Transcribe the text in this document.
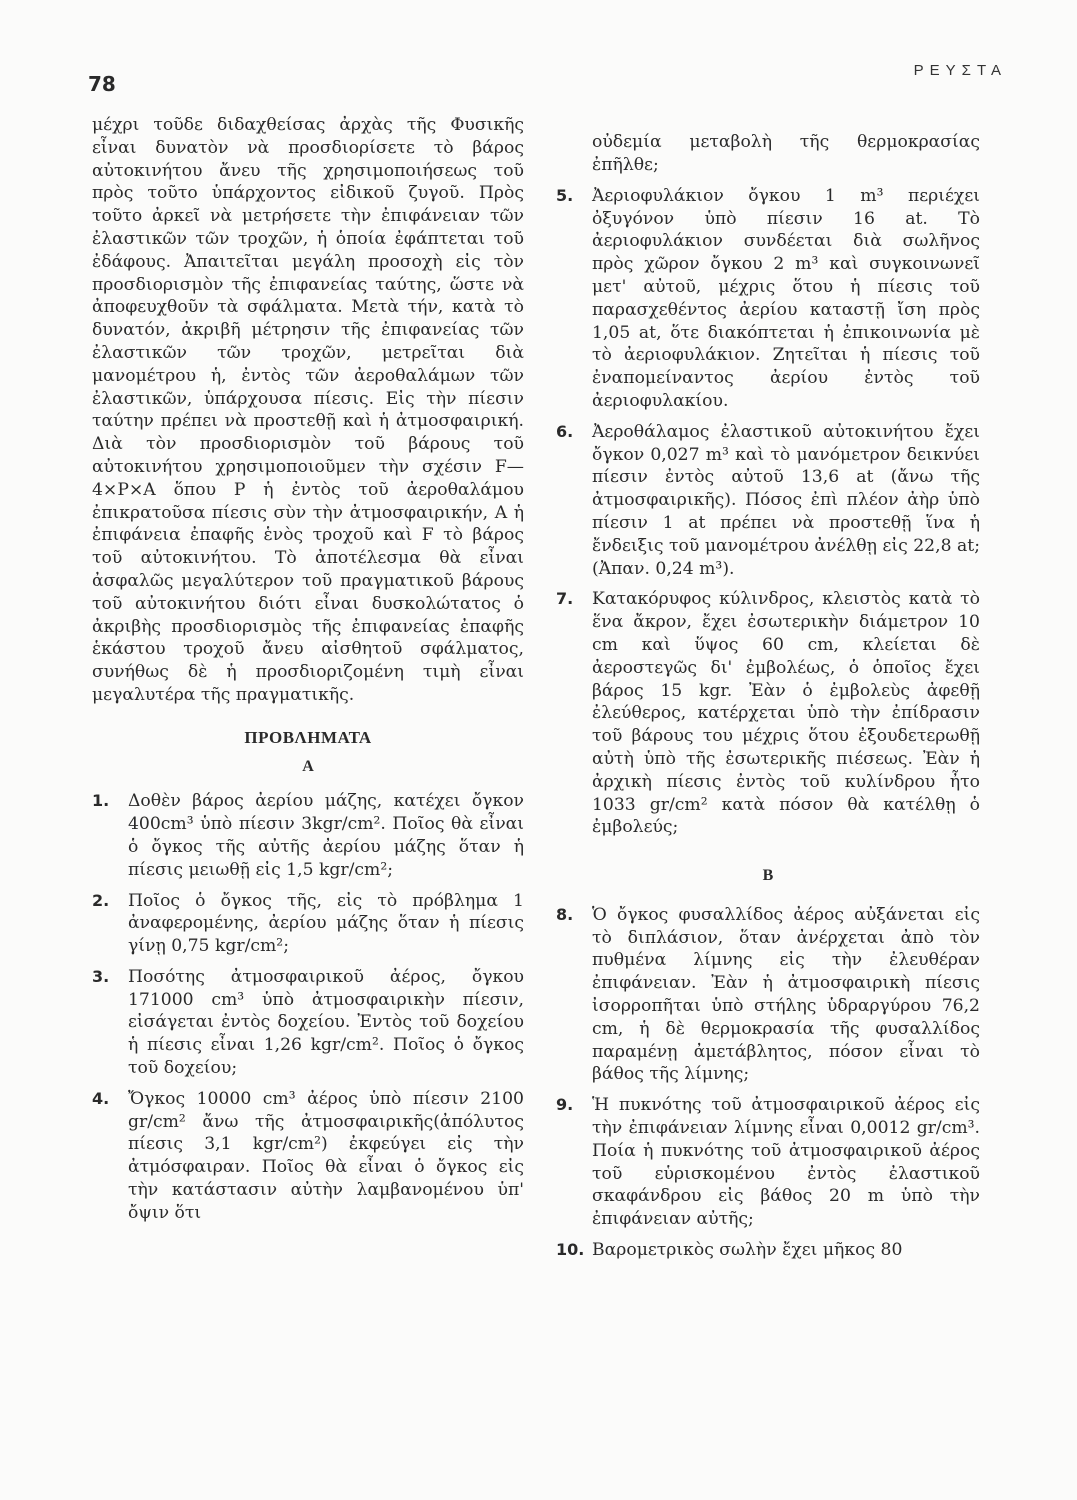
78
ΡΕΥΣΤΑ

μέχρι τοῦδε διδαχθείσας ἀρχὰς τῆς Φυσικῆς εἶναι δυνατὸν νὰ προσδιορίσετε τὸ βάρος αὐτοκινήτου ἄνευ τῆς χρησιμοποιήσεως τοῦ πρὸς τοῦτο ὑπάρχοντος εἰδικοῦ ζυγοῦ. Πρὸς τοῦτο ἀρκεῖ νὰ μετρήσετε τὴν ἐπιφάνειαν τῶν ἐλαστικῶν τῶν τροχῶν, ἡ ὁποία ἐφάπτεται τοῦ ἐδάφους. Ἀπαιτεῖται μεγάλη προσοχὴ εἰς τὸν προσδιορισμὸν τῆς ἐπιφανείας ταύτης, ὥστε νὰ ἀποφευχθοῦν τὰ σφάλματα. Μετὰ τήν, κατὰ τὸ δυνατόν, ἀκριβῆ μέτρησιν τῆς ἐπιφανείας τῶν ἐλαστικῶν τῶν τροχῶν, μετρεῖται διὰ μανομέτρου ἡ, ἐντὸς τῶν ἀεροθαλάμων τῶν ἐλαστικῶν, ὑπάρχουσα πίεσις. Εἰς τὴν πίεσιν ταύτην πρέπει νὰ προστεθῇ καὶ ἡ ἀτμοσφαιρική. Διὰ τὸν προσδιορισμὸν τοῦ βάρους τοῦ αὐτοκινήτου χρησιμοποιοῦμεν τὴν σχέσιν F—4×P×A ὅπου P ἡ ἐντὸς τοῦ ἀεροθαλάμου ἐπικρατοῦσα πίεσις σὺν τὴν ἀτμοσφαιρικήν, A ἡ ἐπιφάνεια ἐπαφῆς ἑνὸς τροχοῦ καὶ F τὸ βάρος τοῦ αὐτοκινήτου. Τὸ ἀποτέλεσμα θὰ εἶναι ἀσφαλῶς μεγαλύτερον τοῦ πραγματικοῦ βάρους τοῦ αὐτοκινήτου διότι εἶναι δυσκολώτατος ὁ ἀκριβὴς προσδιορισμὸς τῆς ἐπιφανείας ἐπαφῆς ἑκάστου τροχοῦ ἄνευ αἰσθητοῦ σφάλματος, συνήθως δὲ ἡ προσδιοριζομένη τιμὴ εἶναι μεγαλυτέρα τῆς πραγματικῆς.

ΠΡΟΒΛΗΜΑΤΑ
Α
1.	Δοθὲν βάρος ἀερίου μάζης, κατέχει ὄγκον 400cm³ ὑπὸ πίεσιν 3kgr/cm². Ποῖος θὰ εἶναι ὁ ὄγκος τῆς αὐτῆς ἀερίου μάζης ὅταν ἡ πίεσις μειωθῇ εἰς 1,5 kgr/cm²;

2.	Ποῖος ὁ ὄγκος τῆς, εἰς τὸ πρόβλημα 1 ἀναφερομένης, ἀερίου μάζης ὅταν ἡ πίεσις γίνῃ 0,75 kgr/cm²;

3.	Ποσότης ἀτμοσφαιρικοῦ ἀέρος, ὄγκου 171000 cm³ ὑπὸ ἀτμοσφαιρικὴν πίεσιν, εἰσάγεται ἐντὸς δοχείου. Ἐντὸς τοῦ δοχείου ἡ πίεσις εἶναι 1,26 kgr/cm². Ποῖος ὁ ὄγκος τοῦ δοχείου;

4.	Ὄγκος 10000 cm³ ἀέρος ὑπὸ πίεσιν 2100 gr/cm² ἄνω τῆς ἀτμοσφαιρικῆς(ἀπόλυτος πίεσις 3,1 kgr/cm²) ἐκφεύγει εἰς τὴν ἀτμόσφαιραν. Ποῖος θὰ εἶναι ὁ ὄγκος εἰς τὴν κατάστασιν αὐτὴν λαμβανομένου ὑπ' ὄψιν ὅτι

οὐδεμία μεταβολὴ τῆς θερμοκρασίας ἐπῆλθε;

5.	Ἀεριοφυλάκιον ὄγκου 1 m³ περιέχει ὀξυγόνον ὑπὸ πίεσιν 16 at. Τὸ ἀεριοφυλάκιον συνδέεται διὰ σωλῆνος πρὸς χῶρον ὄγκου 2 m³ καὶ συγκοινωνεῖ μετ' αὐτοῦ, μέχρις ὅτου ἡ πίεσις τοῦ παρασχεθέντος ἀερίου καταστῇ ἴση πρὸς 1,05 at, ὅτε διακόπτεται ἡ ἐπικοινωνία μὲ τὸ ἀεριοφυλάκιον. Ζητεῖται ἡ πίεσις τοῦ ἐναπομείναντος ἀερίου ἐντὸς τοῦ ἀεριοφυλακίου.

6.	Ἀεροθάλαμος ἐλαστικοῦ αὐτοκινήτου ἔχει ὄγκον 0,027 m³ καὶ τὸ μανόμετρον δεικνύει πίεσιν ἐντὸς αὐτοῦ 13,6 at (ἄνω τῆς ἀτμοσφαιρικῆς). Πόσος ἐπὶ πλέον ἀὴρ ὑπὸ πίεσιν 1 at πρέπει νὰ προστεθῇ ἵνα ἡ ἔνδειξις τοῦ μανομέτρου ἀνέλθῃ εἰς 22,8 at; (Ἀπαν. 0,24 m³).

7.	Κατακόρυφος κύλινδρος, κλειστὸς κατὰ τὸ ἕνα ἄκρον, ἔχει ἐσωτερικὴν διάμετρον 10 cm καὶ ὕψος 60 cm, κλείεται δὲ ἀεροστεγῶς δι' ἐμβολέως, ὁ ὁποῖος ἔχει βάρος 15 kgr. Ἐὰν ὁ ἐμβολεὺς ἀφεθῇ ἐλεύθερος, κατέρχεται ὑπὸ τὴν ἐπίδρασιν τοῦ βάρους του μέχρις ὅτου ἐξουδετερωθῇ αὐτὴ ὑπὸ τῆς ἐσωτερικῆς πιέσεως. Ἐὰν ἡ ἀρχικὴ πίεσις ἐντὸς τοῦ κυλίνδρου ἦτο 1033 gr/cm² κατὰ πόσον θὰ κατέλθῃ ὁ ἐμβολεύς;

Β
8.	Ὁ ὄγκος φυσαλλίδος ἀέρος αὐξάνεται εἰς τὸ διπλάσιον, ὅταν ἀνέρχεται ἀπὸ τὸν πυθμένα λίμνης εἰς τὴν ἐλευθέραν ἐπιφάνειαν. Ἐὰν ἡ ἀτμοσφαιρικὴ πίεσις ἰσορροπῆται ὑπὸ στήλης ὑδραργύρου 76,2 cm, ἡ δὲ θερμοκρασία τῆς φυσαλλίδος παραμένῃ ἀμετάβλητος, πόσον εἶναι τὸ βάθος τῆς λίμνης;

9.	Ἡ πυκνότης τοῦ ἀτμοσφαιρικοῦ ἀέρος εἰς τὴν ἐπιφάνειαν λίμνης εἶναι 0,0012 gr/cm³. Ποία ἡ πυκνότης τοῦ ἀτμοσφαιρικοῦ ἀέρος τοῦ εὑρισκομένου ἐντὸς ἐλαστικοῦ σκαφάνδρου εἰς βάθος 20 m ὑπὸ τὴν ἐπιφάνειαν αὐτῆς;

10. Βαρομετρικὸς σωλὴν ἔχει μῆκος 80
